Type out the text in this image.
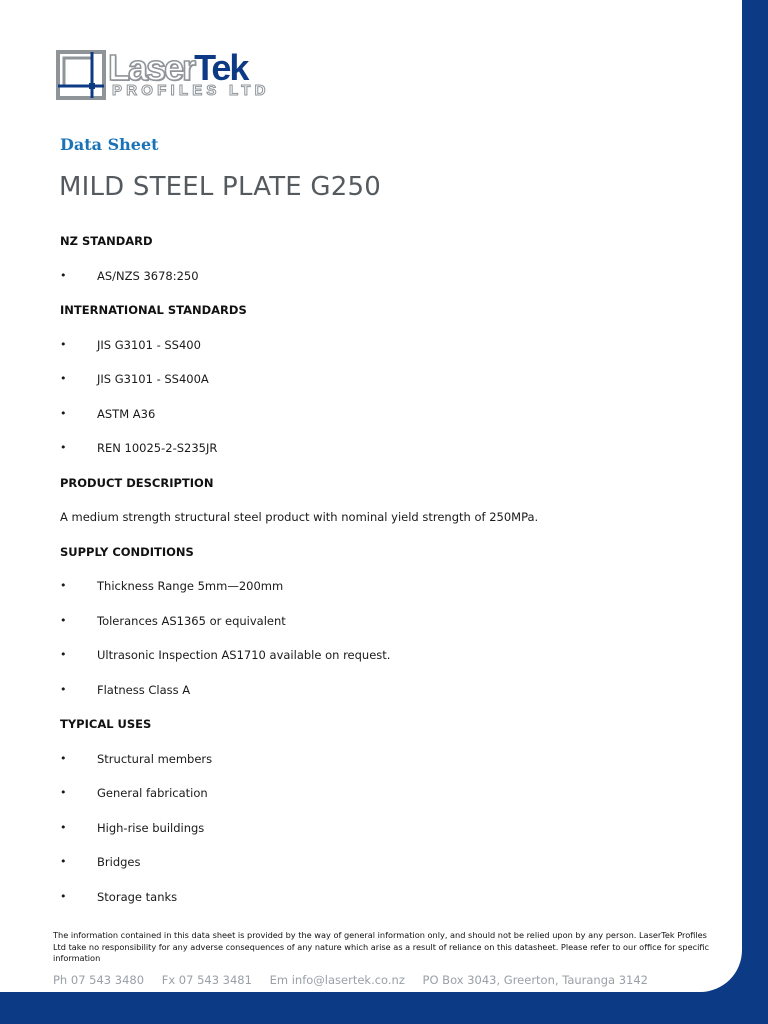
LaserTek
PROFILES LTD
Data Sheet
MILD STEEL PLATE G250
NZ STANDARD
•	AS/NZS 3678:250
INTERNATIONAL STANDARDS
•	JIS G3101 - SS400
•	JIS G3101 - SS400A
•	ASTM A36
•	REN 10025-2-S235JR
PRODUCT DESCRIPTION
A medium strength structural steel product with nominal yield strength of 250MPa.
SUPPLY CONDITIONS
•	Thickness Range 5mm—200mm
•	Tolerances AS1365 or equivalent
•	Ultrasonic Inspection AS1710 available on request.
•	Flatness Class A
TYPICAL USES
•	Structural members
•	General fabrication
•	High-rise buildings
•	Bridges
•	Storage tanks
The information contained in this data sheet is provided by the way of general information only, and should not be relied upon by any person. LaserTek Profiles Ltd take no responsibility for any adverse consequences of any nature which arise as a result of reliance on this datasheet. Please refer to our office for specific information
Ph 07 543 3480 Fx 07 543 3481 Em info@lasertek.co.nz PO Box 3043, Greerton, Tauranga 3142
